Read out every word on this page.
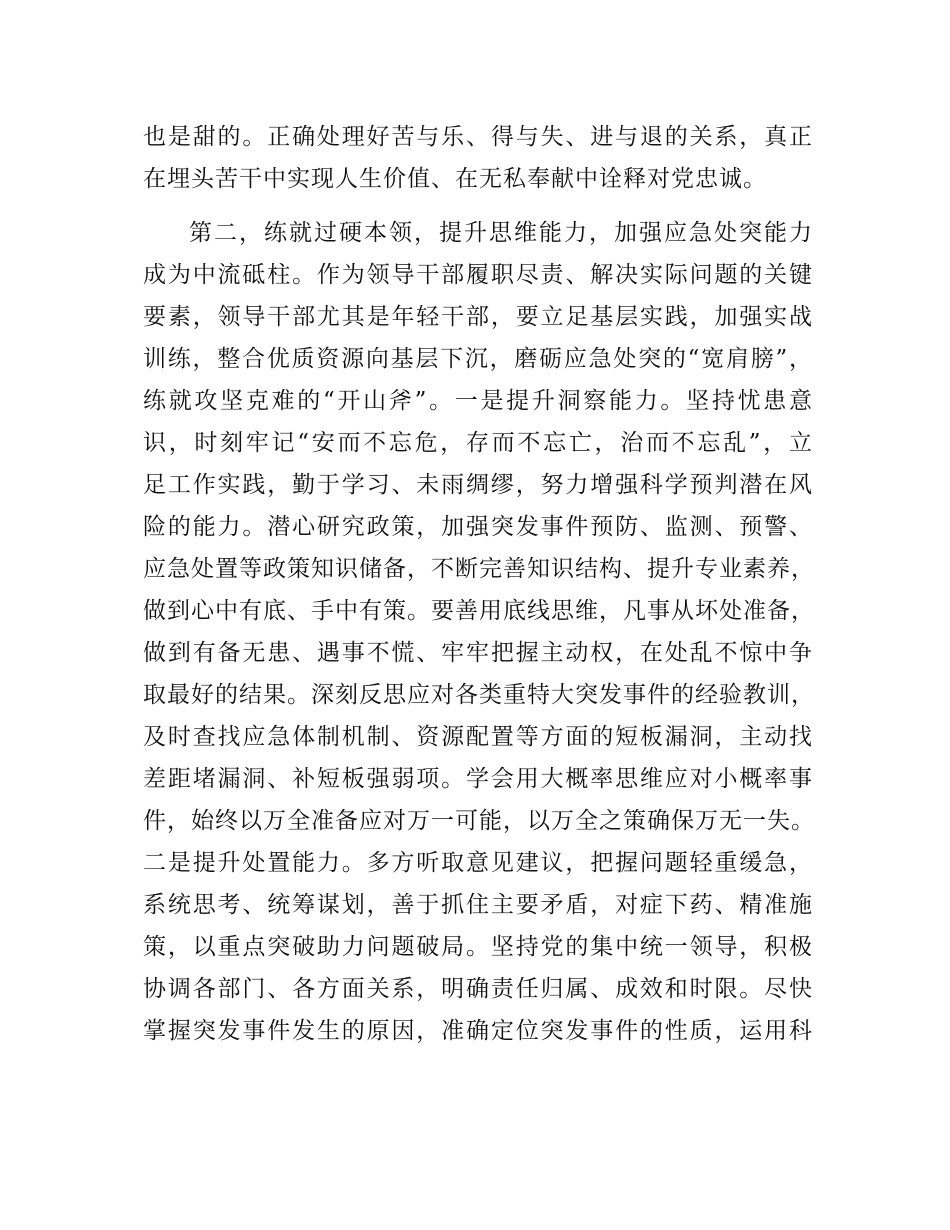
也是甜的。正确处理好苦与乐、得与失、进与退的关系，真正
在埋头苦干中实现人生价值、在无私奉献中诠释对党忠诚。
第二，练就过硬本领，提升思维能力，加强应急处突能力
成为中流砥柱。作为领导干部履职尽责、解决实际问题的关键
要素，领导干部尤其是年轻干部，要立足基层实践，加强实战
训练，整合优质资源向基层下沉，磨砺应急处突的“宽肩膀”，
练就攻坚克难的“开山斧”。一是提升洞察能力。坚持忧患意
识，时刻牢记“安而不忘危，存而不忘亡，治而不忘乱”，立
足工作实践，勤于学习、未雨绸缪，努力增强科学预判潜在风
险的能力。潜心研究政策，加强突发事件预防、监测、预警、
应急处置等政策知识储备，不断完善知识结构、提升专业素养，
做到心中有底、手中有策。要善用底线思维，凡事从坏处准备，
做到有备无患、遇事不慌、牢牢把握主动权，在处乱不惊中争
取最好的结果。深刻反思应对各类重特大突发事件的经验教训，
及时查找应急体制机制、资源配置等方面的短板漏洞，主动找
差距堵漏洞、补短板强弱项。学会用大概率思维应对小概率事
件，始终以万全准备应对万一可能，以万全之策确保万无一失。
二是提升处置能力。多方听取意见建议，把握问题轻重缓急，
系统思考、统筹谋划，善于抓住主要矛盾，对症下药、精准施
策，以重点突破助力问题破局。坚持党的集中统一领导，积极
协调各部门、各方面关系，明确责任归属、成效和时限。尽快
掌握突发事件发生的原因，准确定位突发事件的性质，运用科
